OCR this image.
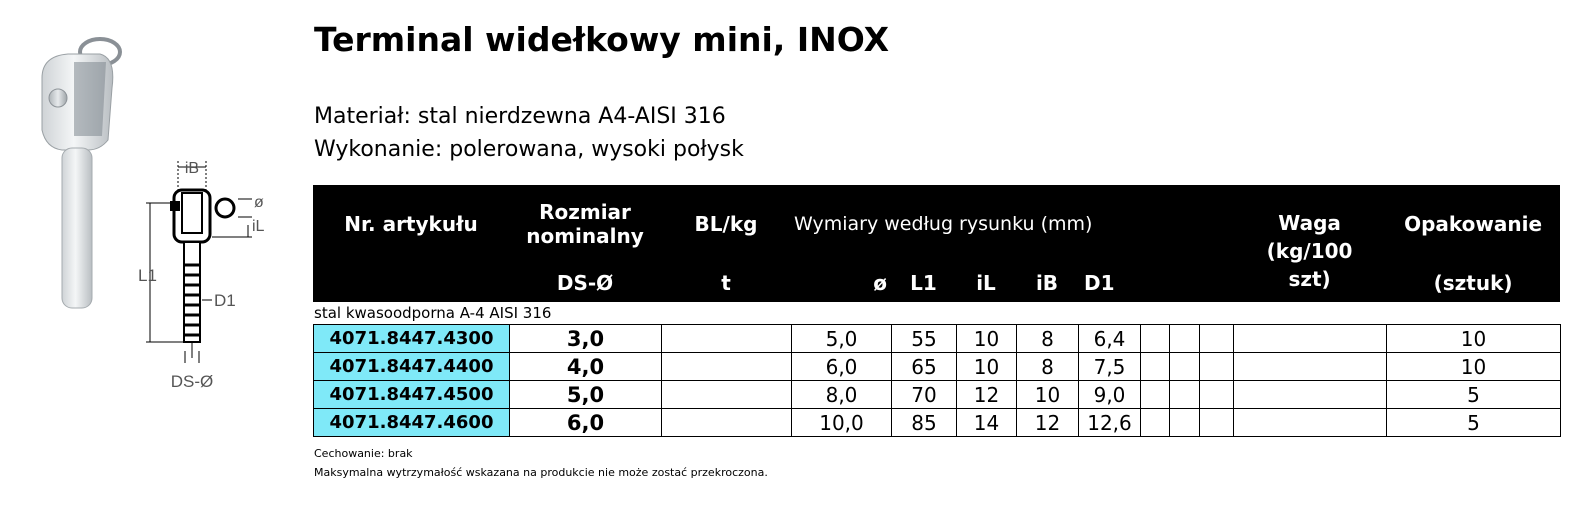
iB
L1
D1
ø
iL
DS-Ø
Terminal widełkowy mini, INOX
Materiał: stal nierdzewna A4-AISI 316
Wykonanie: polerowana, wysoki połysk
Nr. artykułu	Rozmiar
nominalny	BL/kg	Wymiary według rysunku (mm)								Waga
(kg/100
szt)	Opakowanie
	DS-Ø	t	ø	L1	iL	iB	D1					(sztuk)
stal kwasoodporna A-4 AISI 316
4071.8447.4300	3,0		5,0	55	10	8	6,4					10
4071.8447.4400	4,0		6,0	65	10	8	7,5					10
4071.8447.4500	5,0		8,0	70	12	10	9,0					5
4071.8447.4600	6,0		10,0	85	14	12	12,6					5
Cechowanie: brak
Maksymalna wytrzymałość wskazana na produkcie nie może zostać przekroczona.
